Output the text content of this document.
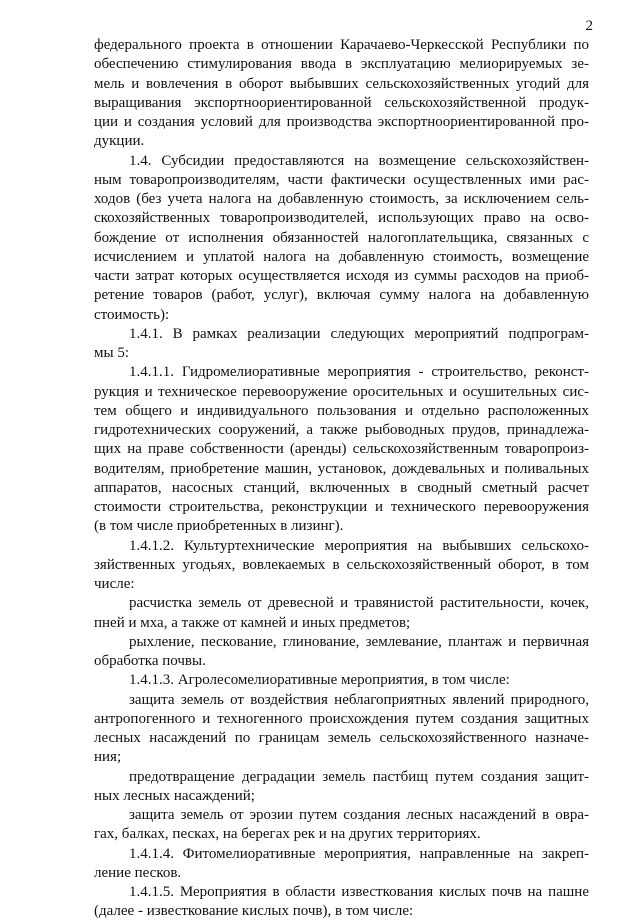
2
федерального проекта в отношении Карачаево-Черкесской Республики по
обеспечению стимулирования ввода в эксплуатацию мелиорируемых зе-
мель и вовлечения в оборот выбывших сельскохозяйственных угодий для
выращивания экспортноориентированной сельскохозяйственной продук-
ции и создания условий для производства экспортноориентированной про-
дукции.
1.4. Субсидии предоставляются на возмещение сельскохозяйствен-
ным товаропроизводителям, части фактически осуществленных ими рас-
ходов (без учета налога на добавленную стоимость, за исключением сель-
скохозяйственных товаропроизводителей, использующих право на осво-
бождение от исполнения обязанностей налогоплательщика, связанных с
исчислением и уплатой налога на добавленную стоимость, возмещение
части затрат которых осуществляется исходя из суммы расходов на приоб-
ретение товаров (работ, услуг), включая сумму налога на добавленную
стоимость):
1.4.1. В рамках реализации следующих мероприятий подпрограм-
мы 5:
1.4.1.1. Гидромелиоративные мероприятия - строительство, реконст-
рукция и техническое перевооружение оросительных и осушительных сис-
тем общего и индивидуального пользования и отдельно расположенных
гидротехнических сооружений, а также рыбоводных прудов, принадлежа-
щих на праве собственности (аренды) сельскохозяйственным товаропроиз-
водителям, приобретение машин, установок, дождевальных и поливальных
аппаратов, насосных станций, включенных в сводный сметный расчет
стоимости строительства, реконструкции и технического перевооружения
(в том числе приобретенных в лизинг).
1.4.1.2. Культуртехнические мероприятия на выбывших сельскохо-
зяйственных угодьях, вовлекаемых в сельскохозяйственный оборот, в том
числе:
расчистка земель от древесной и травянистой растительности, кочек,
пней и мха, а также от камней и иных предметов;
рыхление, пескование, глинование, землевание, плантаж и первичная
обработка почвы.
1.4.1.3. Агролесомелиоративные мероприятия, в том числе:
защита земель от воздействия неблагоприятных явлений природного,
антропогенного и техногенного происхождения путем создания защитных
лесных насаждений по границам земель сельскохозяйственного назначе-
ния;
предотвращение деградации земель пастбищ путем создания защит-
ных лесных насаждений;
защита земель от эрозии путем создания лесных насаждений в овра-
гах, балках, песках, на берегах рек и на других территориях.
1.4.1.4. Фитомелиоративные мероприятия, направленные на закреп-
ление песков.
1.4.1.5. Мероприятия в области известкования кислых почв на пашне
(далее - известкование кислых почв), в том числе:
